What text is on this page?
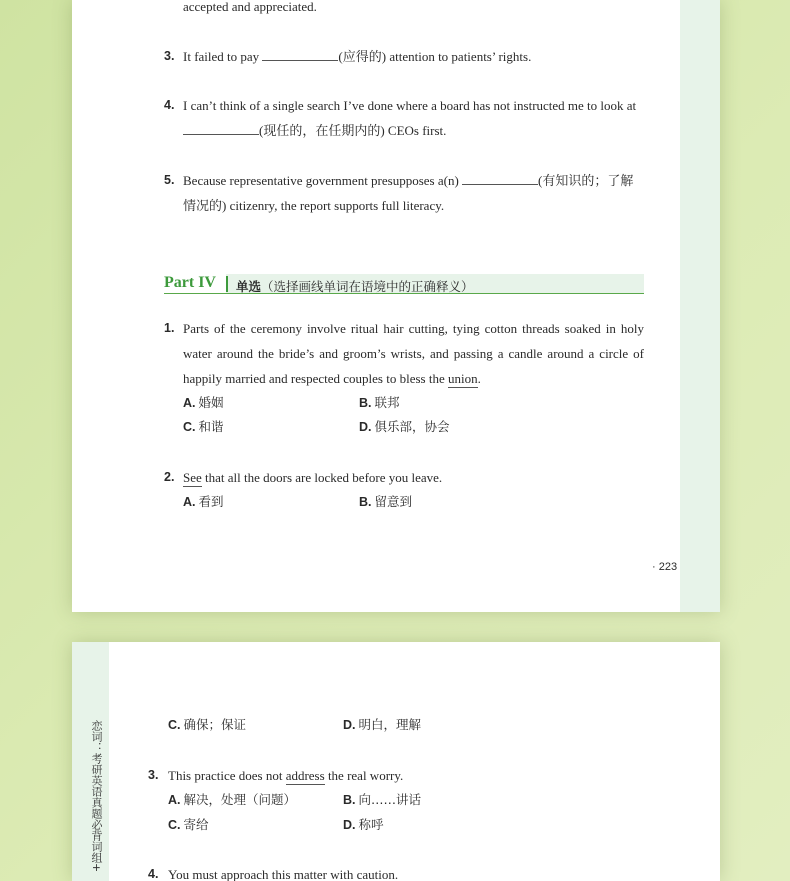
accepted and appreciated.
3. It failed to pay	(应得的) attention to patients’ rights.
4. I can’t think of a single search I’ve done where a board has not instructed me to look at
(现任的，在任期内的) CEOs first.
5. Because representative government presupposes a(n)	(有知识的；了解
情况的) citizenry, the report supports full literacy.
Part IV 单选（选择画线单词在语境中的正确释义）
1. Parts of the ceremony involve ritual hair cutting, tying cotton threads soaked in holy
water around the bride’s and groom’s wrists, and passing a candle around a circle of
happily married and respected couples to bless the union.
A. 婚姻	B. 联邦
C. 和谐	D. 俱乐部，协会
2. See that all the doors are locked before you leave.
A. 看到	B. 留意到
· 223
恋词：考研英语真题必背词组+	C. 确保；保证	D. 明白，理解
3. This practice does not address the real worry.
A. 解决，处理（问题）	B. 向……讲话
C. 寄给	D. 称呼
4. You must approach this matter with caution.
